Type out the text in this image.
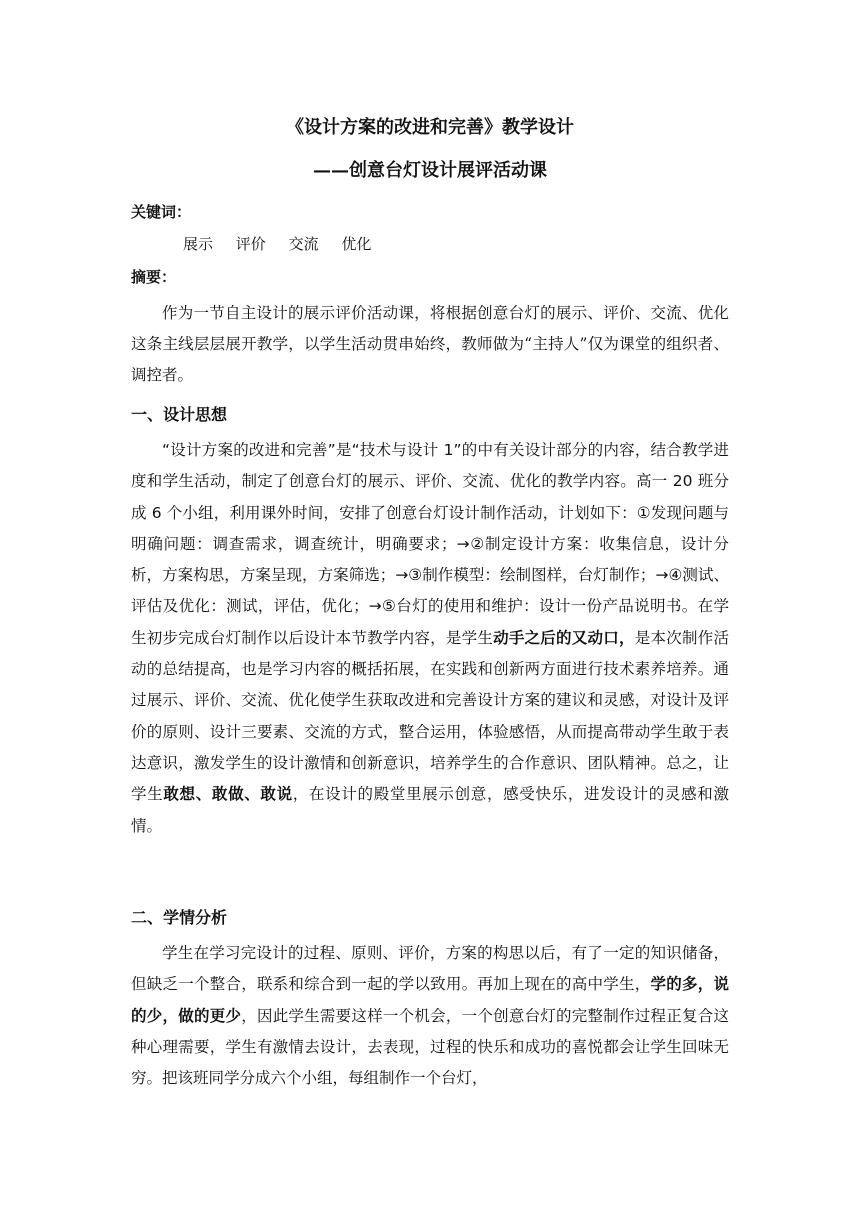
《设计方案的改进和完善》教学设计
——创意台灯设计展评活动课

关键词：

展示 评价 交流 优化

摘要：

作为一节自主设计的展示评价活动课，将根据创意台灯的展示、评价、交流、优化这条主线层层展开教学，以学生活动贯串始终，教师做为“主持人”仅为课堂的组织者、调控者。

一、设计思想

“设计方案的改进和完善”是“技术与设计 1”的中有关设计部分的内容，结合教学进度和学生活动，制定了创意台灯的展示、评价、交流、优化的教学内容。高一 20 班分成 6 个小组，利用课外时间，安排了创意台灯设计制作活动，计划如下：①发现问题与明确问题：调查需求，调查统计，明确要求；→②制定设计方案：收集信息，设计分析，方案构思，方案呈现，方案筛选；→③制作模型：绘制图样，台灯制作；→④测试、评估及优化：测试，评估，优化；→⑤台灯的使用和维护：设计一份产品说明书。在学生初步完成台灯制作以后设计本节教学内容，是学生动手之后的又动口，是本次制作活动的总结提高，也是学习内容的概括拓展，在实践和创新两方面进行技术素养培养。通过展示、评价、交流、优化使学生获取改进和完善设计方案的建议和灵感，对设计及评价的原则、设计三要素、交流的方式，整合运用，体验感悟，从而提高带动学生敢于表达意识，激发学生的设计激情和创新意识，培养学生的合作意识、团队精神。总之，让学生敢想、敢做、敢说，在设计的殿堂里展示创意，感受快乐，进发设计的灵感和激情。

二、学情分析

学生在学习完设计的过程、原则、评价，方案的构思以后，有了一定的知识储备，但缺乏一个整合，联系和综合到一起的学以致用。再加上现在的高中学生，学的多，说的少，做的更少，因此学生需要这样一个机会，一个创意台灯的完整制作过程正复合这种心理需要，学生有激情去设计，去表现，过程的快乐和成功的喜悦都会让学生回味无穷。把该班同学分成六个小组，每组制作一个台灯，
